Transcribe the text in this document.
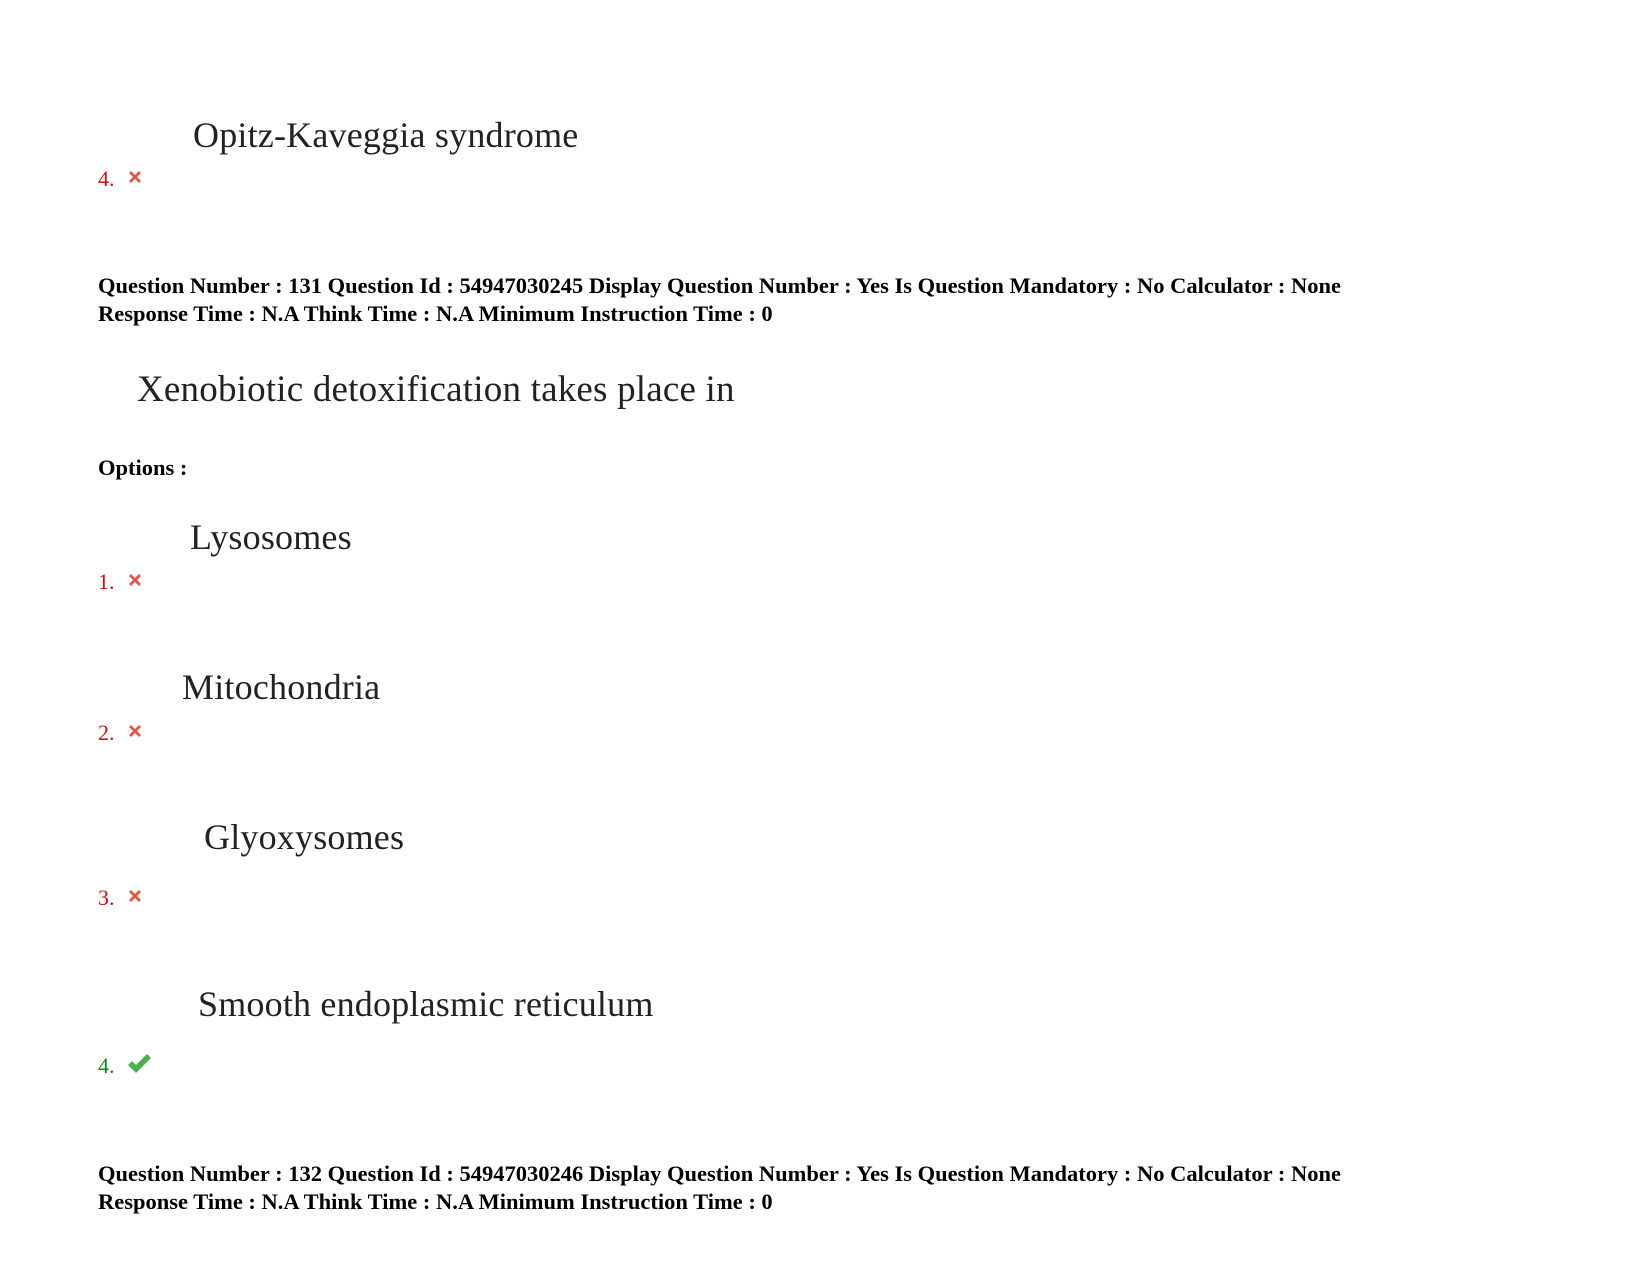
Opitz-Kaveggia syndrome
4.
Question Number : 131 Question Id : 54947030245 Display Question Number : Yes Is Question Mandatory : No Calculator : None
Response Time : N.A Think Time : N.A Minimum Instruction Time : 0
Xenobiotic detoxification takes place in
Options :
Lysosomes
1.
Mitochondria
2.
Glyoxysomes
3.
Smooth endoplasmic reticulum
4.
Question Number : 132 Question Id : 54947030246 Display Question Number : Yes Is Question Mandatory : No Calculator : None
Response Time : N.A Think Time : N.A Minimum Instruction Time : 0
